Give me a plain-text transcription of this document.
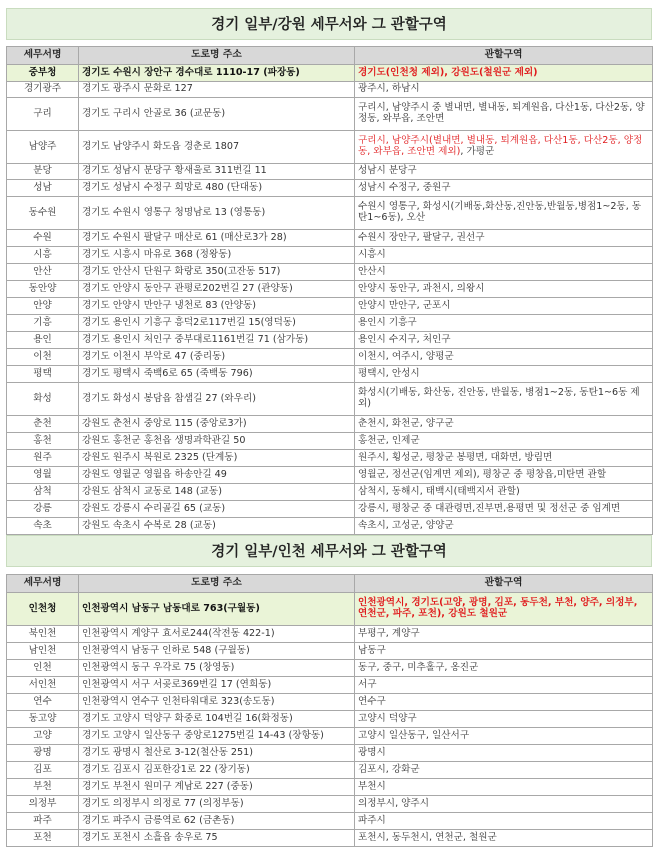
경기 일부/강원 세무서와 그 관할구역
세무서명	도로명 주소	관할구역
중부청	경기도 수원시 장안구 경수대로 1110-17 (파장동)	경기도(인천청 제외), 강원도(철원군 제외)
경기광주	경기도 광주시 문화로 127	광주시, 하남시
구리	경기도 구리시 안골로 36 (교문동)	구리시, 남양주시 중 별내면, 별내동, 퇴계원읍, 다산1동, 다산2동, 양정동, 와부읍, 조안면
남양주	경기도 남양주시 화도읍 경춘로 1807	구리시, 남양주시(별내면, 별내동, 퇴계원읍, 다산1동, 다산2동, 양정동, 와부읍, 조안면 제외), 가평군
분당	경기도 성남시 분당구 황새울로 311번길 11	성남시 분당구
성남	경기도 성남시 수정구 희망로 480 (단대동)	성남시 수정구, 중원구
동수원	경기도 수원시 영통구 청명남로 13 (영통동)	수원시 영통구, 화성시(기배동,화산동,진안동,반월동,병점1~2동, 동탄1~6동), 오산
수원	경기도 수원시 팔달구 매산로 61 (매산로3가 28)	수원시 장안구, 팔달구, 권선구
시흥	경기도 시흥시 마유로 368 (정왕동)	시흥시
안산	경기도 안산시 단원구 화랑로 350(고잔동 517)	안산시
동안양	경기도 안양시 동안구 관평로202번길 27 (관양동)	안양시 동안구, 과천시, 의왕시
안양	경기도 안양시 만안구 냉천로 83 (안양동)	안양시 만안구, 군포시
기흥	경기도 용인시 기흥구 흥덕2로117번길 15(영덕동)	용인시 기흥구
용인	경기도 용인시 처인구 중부대로1161번길 71 (삼가동)	용인시 수지구, 처인구
이천	경기도 이천시 부악로 47 (중리동)	이천시, 여주시, 양평군
평택	경기도 평택시 죽백6로 65 (죽백동 796)	평택시, 안성시
화성	경기도 화성시 봉담읍 참샘길 27 (와우리)	화성시(기배동, 화산동, 진안동, 반월동, 병점1~2동, 동탄1~6동 제외)
춘천	강원도 춘천시 중앙로 115 (중앙로3가)	춘천시, 화천군, 양구군
홍천	강원도 홍천군 홍천읍 생명과학관길 50	홍천군, 인제군
원주	강원도 원주시 북원로 2325 (단계동)	원주시, 횡성군, 평창군 봉평면, 대화면, 방림면
영월	강원도 영월군 영월읍 하송안길 49	영월군, 정선군(임계면 제외), 평창군 중 평창읍,미탄면 관할
삼척	강원도 삼척시 교동로 148 (교동)	삼척시, 동해시, 태백시(태백지서 관할)
강릉	강원도 강릉시 수리골길 65 (교동)	강릉시, 평창군 중 대관령면,진부면,용평면 및 정선군 중 임계면
속초	강원도 속초시 수복로 28 (교동)	속초시, 고성군, 양양군
경기 일부/인천 세무서와 그 관할구역
세무서명	도로명 주소	관할구역
인천청	인천광역시 남동구 남동대로 763(구월동)	인천광역시, 경기도(고양, 광명, 김포, 동두천, 부천, 양주, 의정부, 연천군, 파주, 포천), 강원도 철원군
북인천	인천광역시 계양구 효서로244(작전동 422-1)	부평구, 계양구
남인천	인천광역시 남동구 인하로 548 (구월동)	남동구
인천	인천광역시 동구 우각로 75 (창영동)	동구, 중구, 미추홀구, 옹진군
서인천	인천광역시 서구 서곶로369번길 17 (연희동)	서구
연수	인천광역시 연수구 인천타워대로 323(송도동)	연수구
동고양	경기도 고양시 덕양구 화중로 104번길 16(화정동)	고양시 덕양구
고양	경기도 고양시 일산동구 중앙로1275번길 14-43 (장항동)	고양시 일산동구, 일산서구
광명	경기도 광명시 철산로 3-12(철산동 251)	광명시
김포	경기도 김포시 김포한강1로 22 (장기동)	김포시, 강화군
부천	경기도 부천시 원미구 계남로 227 (중동)	부천시
의정부	경기도 의정부시 의정로 77 (의정부동)	의정부시, 양주시
파주	경기도 파주시 금릉역로 62 (금촌동)	파주시
포천	경기도 포천시 소흘읍 송우로 75	포천시, 동두천시, 연천군, 철원군
